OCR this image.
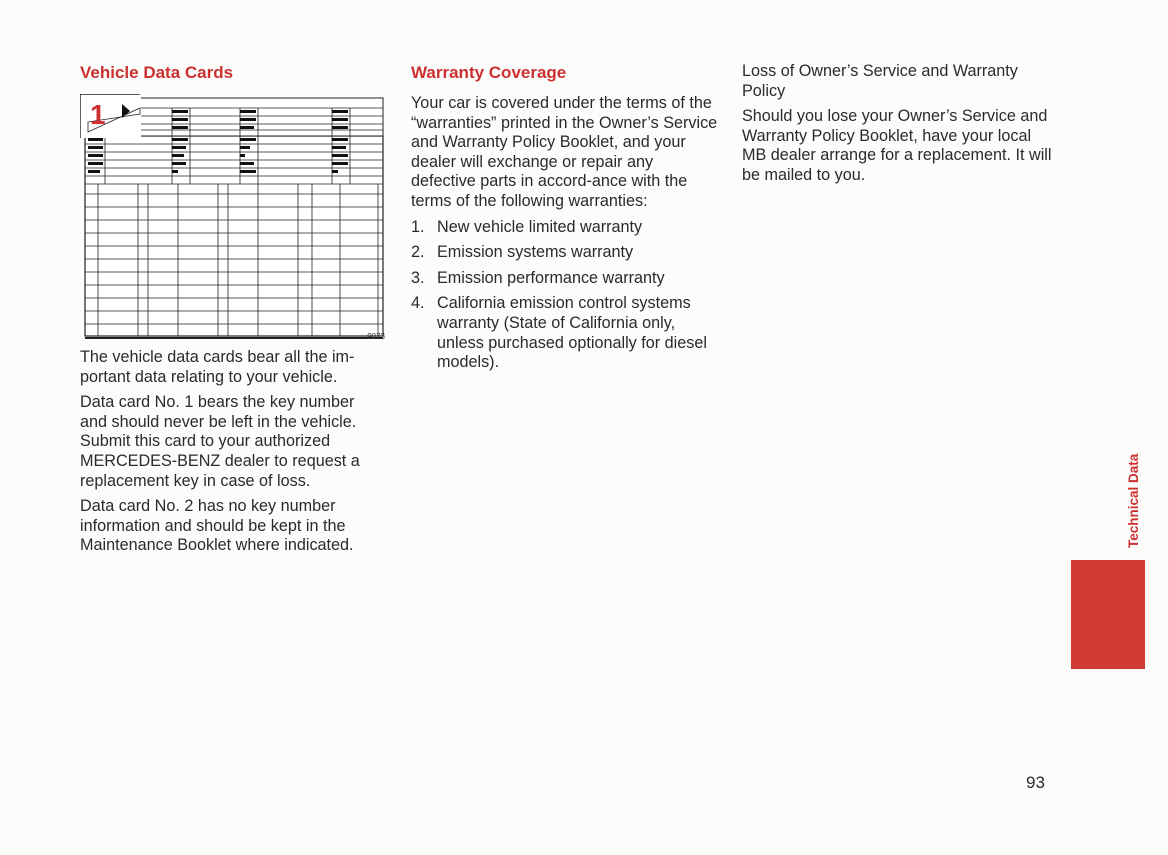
Vehicle Data Cards
1
9073

The vehicle data cards bear all the im-portant data relating to your vehicle.

Data card No. 1 bears the key number and should never be left in the vehicle. Submit this card to your authorized MERCEDES-BENZ dealer to request a replacement key in case of loss.

Data card No. 2 has no key number information and should be kept in the Maintenance Booklet where indicated.

Warranty Coverage

Your car is covered under the terms of the “warranties” printed in the Owner’s Service and Warranty Policy Booklet, and your dealer will exchange or repair any defective parts in accord-ance with the terms of the following warranties:

1. New vehicle limited warranty
2. Emission systems warranty
3. Emission performance warranty
4. California emission control systems warranty (State of California only, unless purchased optionally for diesel models).

Loss of Owner’s Service and Warranty Policy

Should you lose your Owner’s Service and Warranty Policy Booklet, have your local MB dealer arrange for a replacement. It will be mailed to you.

Technical Data
93
